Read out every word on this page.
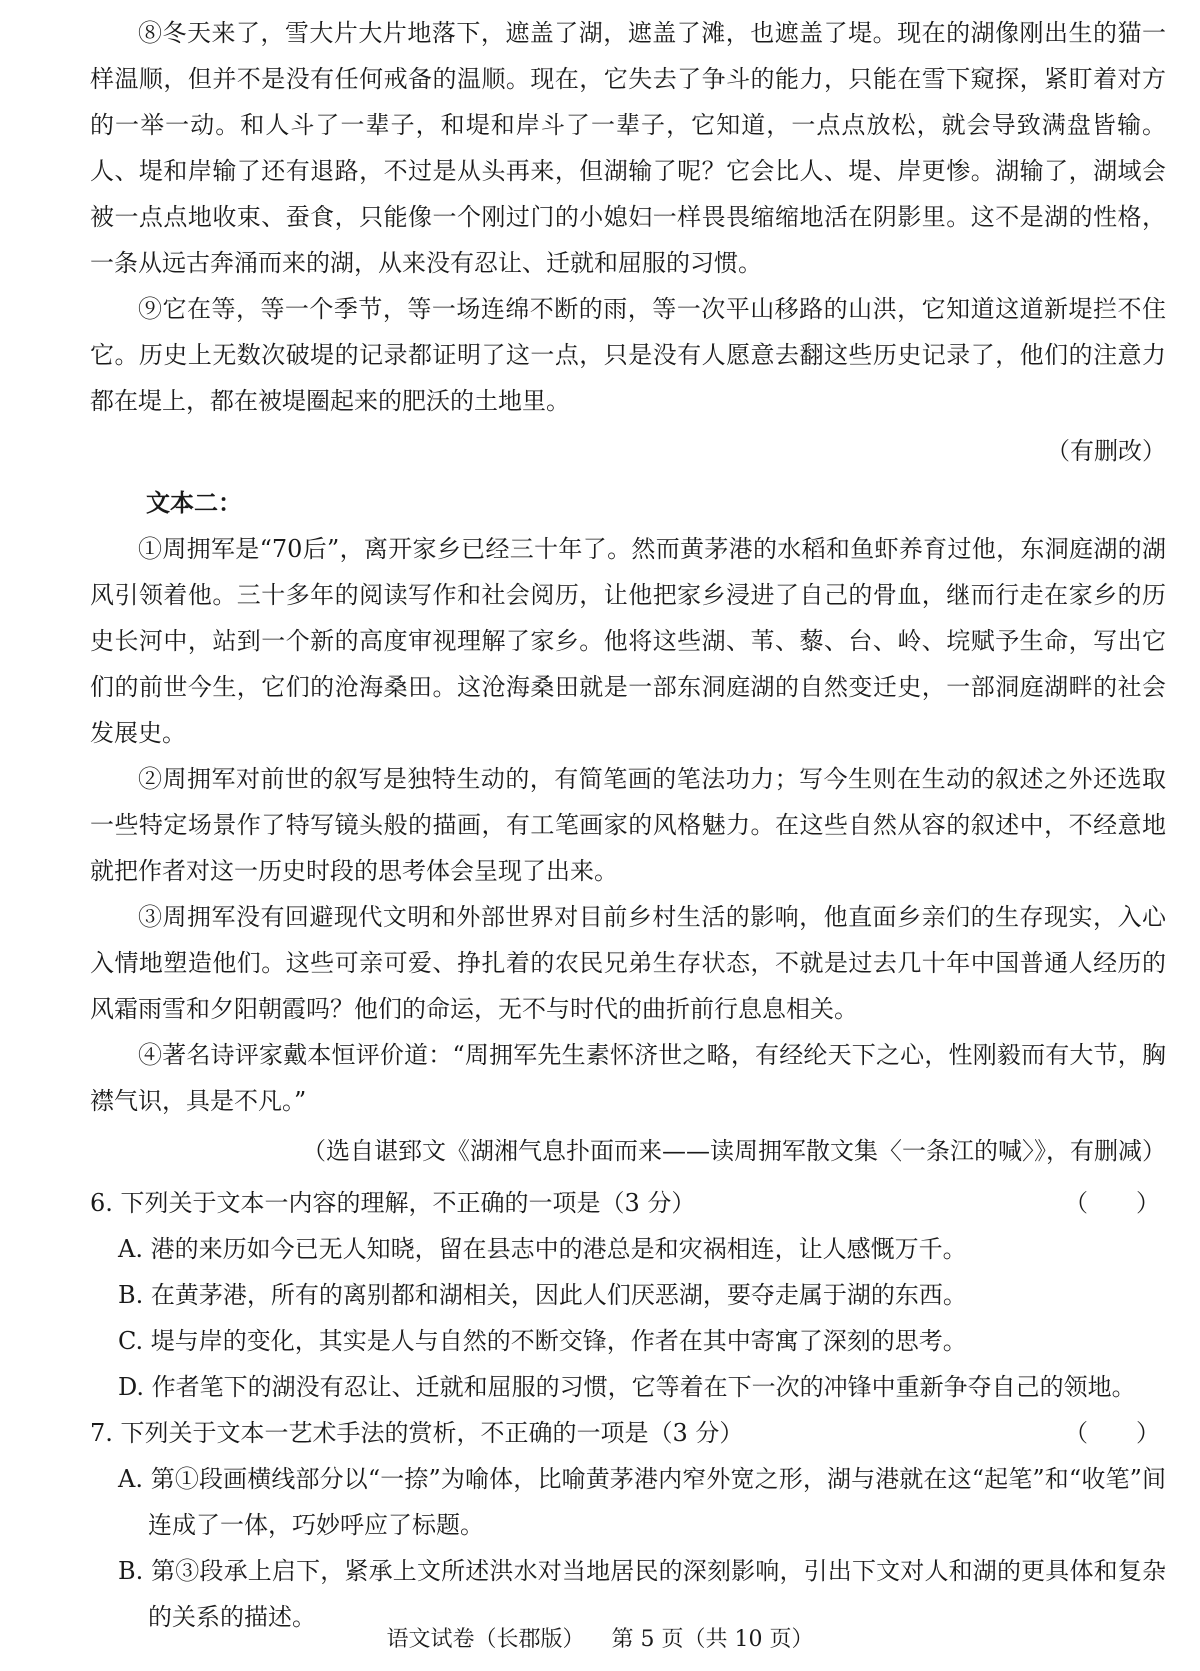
⑧冬天来了，雪大片大片地落下，遮盖了湖，遮盖了滩，也遮盖了堤。现在的湖像刚出生的猫一样温顺，但并不是没有任何戒备的温顺。现在，它失去了争斗的能力，只能在雪下窥探，紧盯着对方的一举一动。和人斗了一辈子，和堤和岸斗了一辈子，它知道，一点点放松，就会导致满盘皆输。人、堤和岸输了还有退路，不过是从头再来，但湖输了呢？它会比人、堤、岸更惨。湖输了，湖域会被一点点地收束、蚕食，只能像一个刚过门的小媳妇一样畏畏缩缩地活在阴影里。这不是湖的性格，一条从远古奔涌而来的湖，从来没有忍让、迁就和屈服的习惯。

⑨它在等，等一个季节，等一场连绵不断的雨，等一次平山移路的山洪，它知道这道新堤拦不住它。历史上无数次破堤的记录都证明了这一点，只是没有人愿意去翻这些历史记录了，他们的注意力都在堤上，都在被堤圈起来的肥沃的土地里。

（有删改）

文本二：

①周拥军是“70后”，离开家乡已经三十年了。然而黄茅港的水稻和鱼虾养育过他，东洞庭湖的湖风引领着他。三十多年的阅读写作和社会阅历，让他把家乡浸进了自己的骨血，继而行走在家乡的历史长河中，站到一个新的高度审视理解了家乡。他将这些湖、苇、藜、台、岭、垸赋予生命，写出它们的前世今生，它们的沧海桑田。这沧海桑田就是一部东洞庭湖的自然变迁史，一部洞庭湖畔的社会发展史。

②周拥军对前世的叙写是独特生动的，有简笔画的笔法功力；写今生则在生动的叙述之外还选取一些特定场景作了特写镜头般的描画，有工笔画家的风格魅力。在这些自然从容的叙述中，不经意地就把作者对这一历史时段的思考体会呈现了出来。

③周拥军没有回避现代文明和外部世界对目前乡村生活的影响，他直面乡亲们的生存现实，入心入情地塑造他们。这些可亲可爱、挣扎着的农民兄弟生存状态，不就是过去几十年中国普通人经历的风霜雨雪和夕阳朝霞吗？他们的命运，无不与时代的曲折前行息息相关。

④著名诗评家戴本恒评价道：“周拥军先生素怀济世之略，有经纶天下之心，性刚毅而有大节，胸襟气识，具是不凡。”

（选自谌郅文《湖湘气息扑面而来——读周拥军散文集〈一条江的喊〉》，有删减）

6. 下列关于文本一内容的理解，不正确的一项是（3 分）	（　　）

A. 港的来历如今已无人知晓，留在县志中的港总是和灾祸相连，让人感慨万千。

B. 在黄茅港，所有的离别都和湖相关，因此人们厌恶湖，要夺走属于湖的东西。

C. 堤与岸的变化，其实是人与自然的不断交锋，作者在其中寄寓了深刻的思考。

D. 作者笔下的湖没有忍让、迁就和屈服的习惯，它等着在下一次的冲锋中重新争夺自己的领地。

7. 下列关于文本一艺术手法的赏析，不正确的一项是（3 分）	（　　）

A. 第①段画横线部分以“一捺”为喻体，比喻黄茅港内窄外宽之形，湖与港就在这“起笔”和“收笔”间连成了一体，巧妙呼应了标题。

B. 第③段承上启下，紧承上文所述洪水对当地居民的深刻影响，引出下文对人和湖的更具体和复杂的关系的描述。

语文试卷（长郡版） 第 5 页（共 10 页）
